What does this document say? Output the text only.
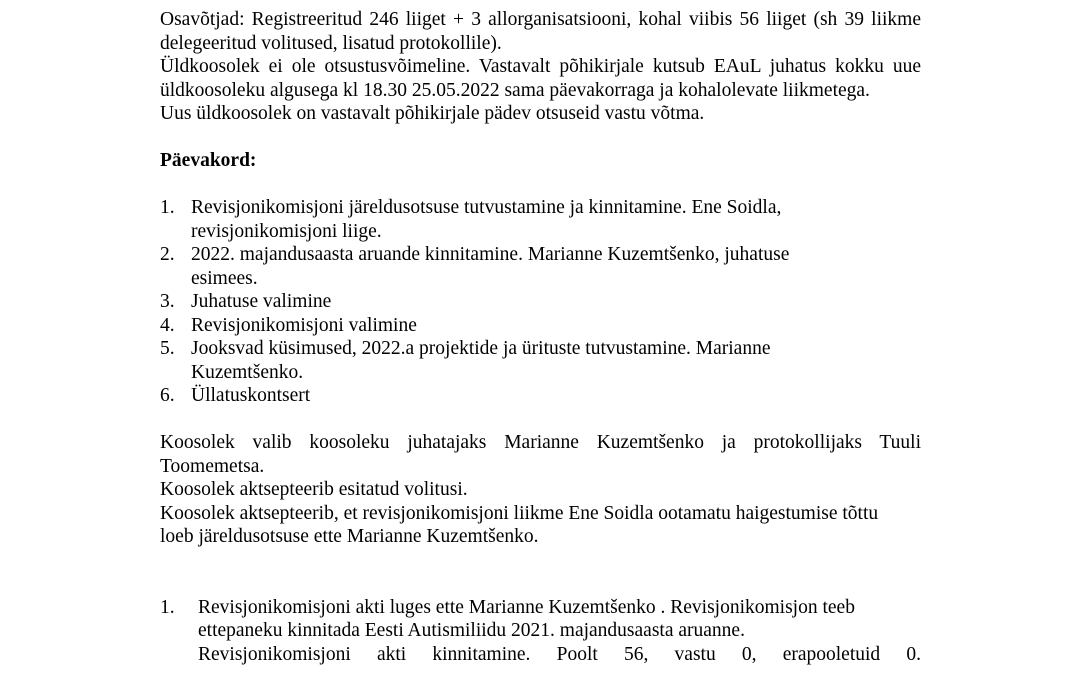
Osavõtjad: Registreeritud 246 liiget + 3 allorganisatsiooni, kohal viibis 56 liiget (sh 39 liikme delegeeritud volitused, lisatud protokollile).

Üldkoosolek ei ole otsustusvõimeline. Vastavalt põhikirjale kutsub EAuL juhatus kokku uue üldkoosoleku algusega kl 18.30 25.05.2022 sama päevakorraga ja kohalolevate liikmetega.

Uus üldkoosolek on vastavalt põhikirjale pädev otsuseid vastu võtma.

Päevakord:

1. Revisjonikomisjoni järeldusotsuse tutvustamine ja kinnitamine. Ene Soidla, revisjonikomisjoni liige.
2. 2022. majandusaasta aruande kinnitamine. Marianne Kuzemtšenko, juhatuse esimees.
3. Juhatuse valimine
4. Revisjonikomisjoni valimine
5. Jooksvad küsimused, 2022.a projektide ja ürituste tutvustamine. Marianne Kuzemtšenko.
6. Üllatuskontsert

Koosolek valib koosoleku juhatajaks Marianne Kuzemtšenko ja protokollijaks Tuuli Toomemetsa.

Koosolek aktsepteerib esitatud volitusi.

Koosolek aktsepteerib, et revisjonikomisjoni liikme Ene Soidla ootamatu haigestumise tõttu loeb järeldusotsuse ette Marianne Kuzemtšenko.

1. Revisjonikomisjoni akti luges ette Marianne Kuzemtšenko . Revisjonikomisjon teeb ettepaneku kinnitada Eesti Autismiliidu 2021. majandusaasta aruanne.
Revisjonikomisjoni akti kinnitamine. Poolt 56, vastu 0, erapooletuid 0.
